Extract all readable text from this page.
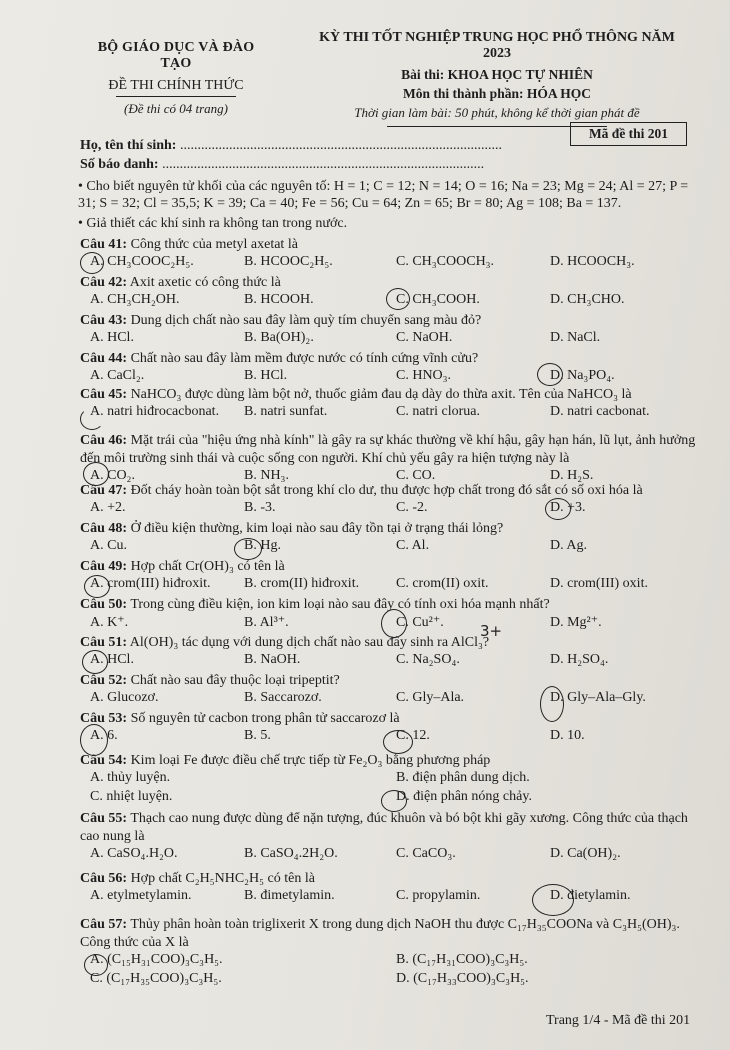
BỘ GIÁO DỤC VÀ ĐÀO TẠO
ĐỀ THI CHÍNH THỨC
(Đề thi có 04 trang)
KỲ THI TỐT NGHIỆP TRUNG HỌC PHỔ THÔNG NĂM 2023
Bài thi: KHOA HỌC TỰ NHIÊN
Môn thi thành phần: HÓA HỌC
Thời gian làm bài: 50 phút, không kể thời gian phát đề
Mã đề thi 201
Họ, tên thí sinh: ............................................................................................
Số báo danh: ............................................................................................
• Cho biết nguyên tử khối của các nguyên tố: H = 1; C = 12; N = 14; O = 16; Na = 23; Mg = 24; Al = 27; P = 31; S = 32; Cl = 35,5; K = 39; Ca = 40; Fe = 56; Cu = 64; Zn = 65; Br = 80; Ag = 108; Ba = 137.
• Giả thiết các khí sinh ra không tan trong nước.
Câu 41: Công thức của metyl axetat là
A. CH₃COOC₂H₅.	B. HCOOC₂H₅.	C. CH₃COOCH₃.	D. HCOOCH₃.
Câu 42: Axit axetic có công thức là
A. CH₃CH₂OH.	B. HCOOH.	C. CH₃COOH.	D. CH₃CHO.
Câu 43: Dung dịch chất nào sau đây làm quỳ tím chuyển sang màu đỏ?
A. HCl.	B. Ba(OH)₂.	C. NaOH.	D. NaCl.
Câu 44: Chất nào sau đây làm mềm được nước có tính cứng vĩnh cửu?
A. CaCl₂.	B. HCl.	C. HNO₃.	D. Na₃PO₄.
Câu 45: NaHCO₃ được dùng làm bột nở, thuốc giảm đau dạ dày do thừa axit. Tên của NaHCO₃ là
A. natri hiđrocacbonat. B. natri sunfat.	C. natri clorua.	D. natri cacbonat.
Câu 46: Mặt trái của "hiệu ứng nhà kính" là gây ra sự khác thường về khí hậu, gây hạn hán, lũ lụt, ảnh hưởng đến môi trường sinh thái và cuộc sống con người. Khí chủ yếu gây ra hiện tượng này là
A. CO₂.	B. NH₃.	C. CO.	D. H₂S.
Câu 47: Đốt cháy hoàn toàn bột sắt trong khí clo dư, thu được hợp chất trong đó sắt có số oxi hóa là
A. +2.	B. -3.	C. -2.	D. +3.
Câu 48: Ở điều kiện thường, kim loại nào sau đây tồn tại ở trạng thái lỏng?
A. Cu.	B. Hg.	C. Al.	D. Ag.
Câu 49: Hợp chất Cr(OH)₃ có tên là
A. crom(III) hiđroxit. B. crom(II) hiđroxit.	C. crom(II) oxit.	D. crom(III) oxit.
Câu 50: Trong cùng điều kiện, ion kim loại nào sau đây có tính oxi hóa mạnh nhất?
A. K⁺.	B. Al³⁺.	C. Cu²⁺.	D. Mg²⁺.
Câu 51: Al(OH)₃ tác dụng với dung dịch chất nào sau đây sinh ra AlCl₃?
A. HCl.	B. NaOH.	C. Na₂SO₄.	D. H₂SO₄.
Câu 52: Chất nào sau đây thuộc loại tripeptit?
A. Glucozơ.	B. Saccarozơ.	C. Gly–Ala.	D. Gly–Ala–Gly.
Câu 53: Số nguyên tử cacbon trong phân tử saccarozơ là
A. 6.	B. 5.	C. 12.	D. 10.
Câu 54: Kim loại Fe được điều chế trực tiếp từ Fe₂O₃ bằng phương pháp
A. thủy luyện.	B. điện phân dung dịch.
C. nhiệt luyện.	D. điện phân nóng chảy.
Câu 55: Thạch cao nung được dùng để nặn tượng, đúc khuôn và bó bột khi gãy xương. Công thức của thạch cao nung là
A. CaSO₄.H₂O.	B. CaSO₄.2H₂O.	C. CaCO₃.	D. Ca(OH)₂.
Câu 56: Hợp chất C₂H₅NHC₂H₅ có tên là
A. etylmetylamin.	B. đimetylamin.	C. propylamin.	D. đietylamin.
Câu 57: Thủy phân hoàn toàn triglixerit X trong dung dịch NaOH thu được C₁₇H₃₅COONa và C₃H₅(OH)₃. Công thức của X là
A. (C₁₅H₃₁COO)₃C₃H₅.	B. (C₁₇H₃₁COO)₃C₃H₅.
C. (C₁₇H₃₅COO)₃C₃H₅.	D. (C₁₇H₃₃COO)₃C₃H₅.
3+
Trang 1/4 - Mã đề thi 201
